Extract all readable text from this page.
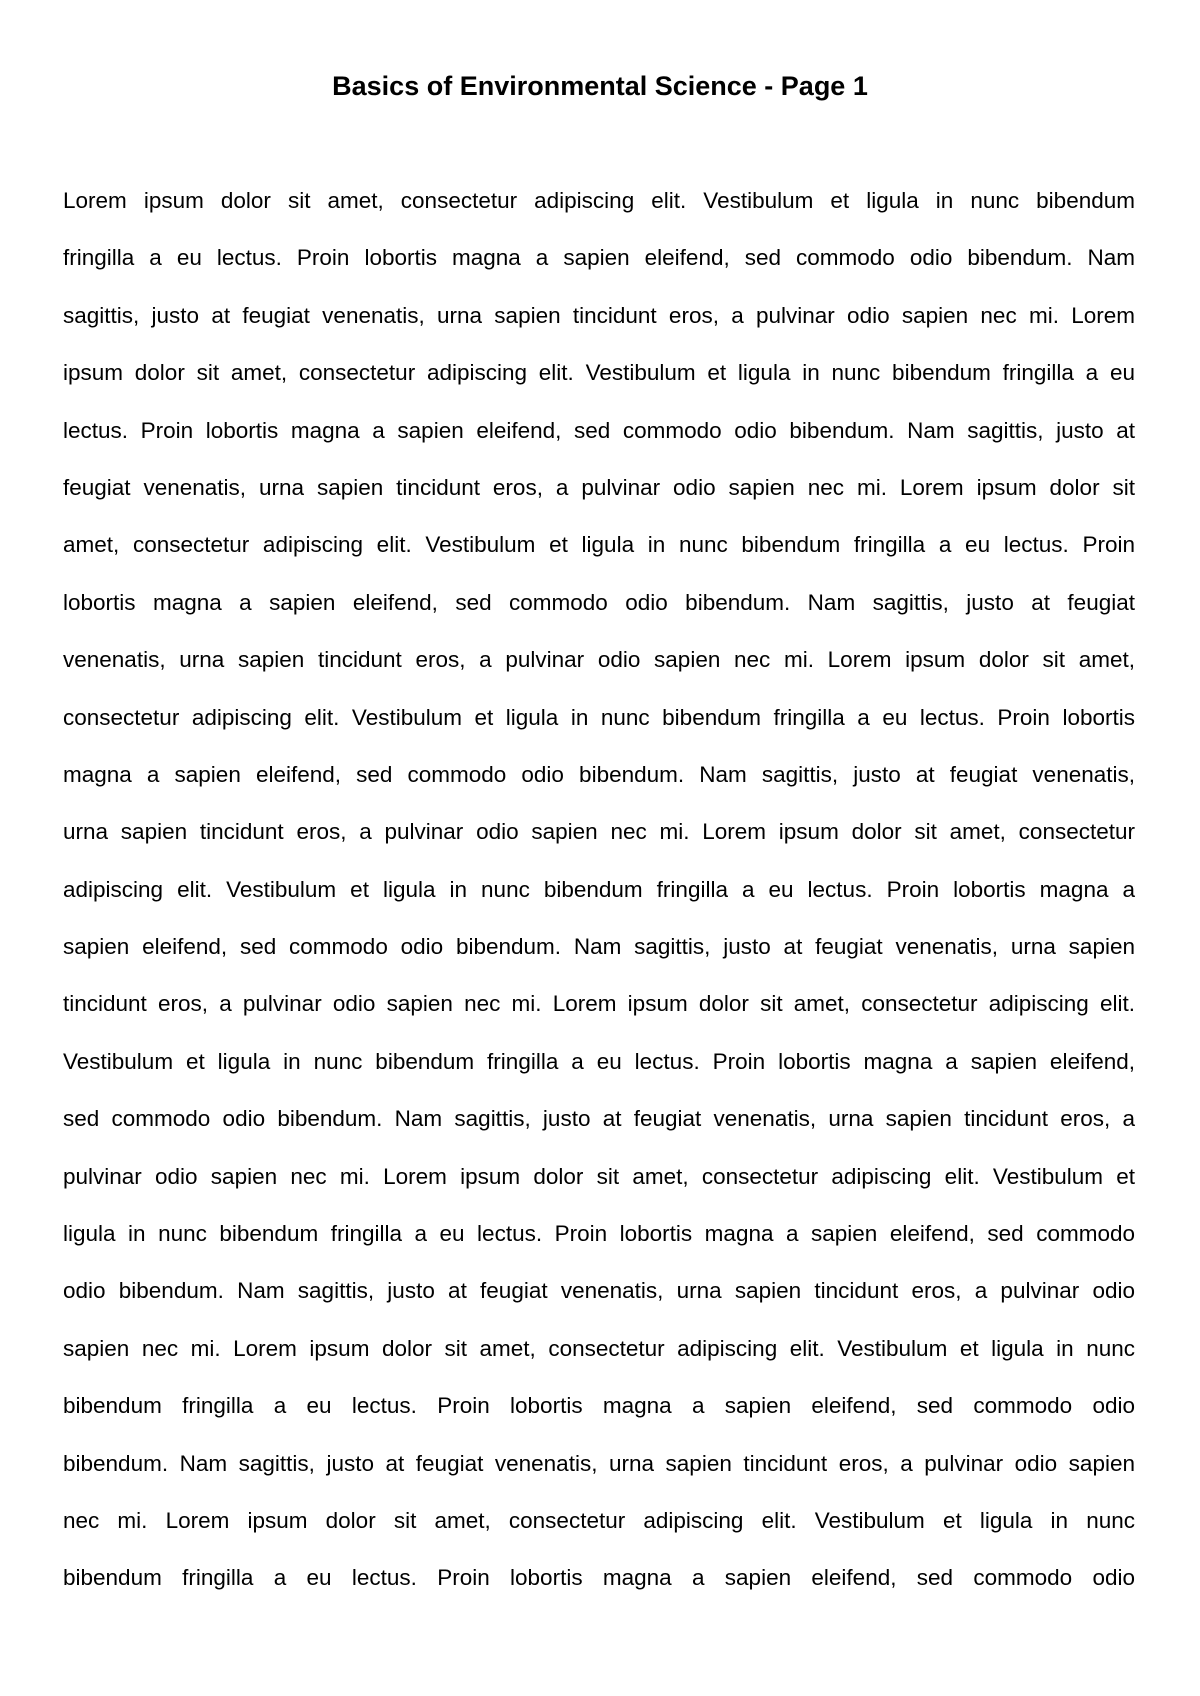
Basics of Environmental Science - Page 1
Lorem ipsum dolor sit amet, consectetur adipiscing elit. Vestibulum et ligula in nunc bibendum
fringilla a eu lectus. Proin lobortis magna a sapien eleifend, sed commodo odio bibendum. Nam
sagittis, justo at feugiat venenatis, urna sapien tincidunt eros, a pulvinar odio sapien nec mi. Lorem
ipsum dolor sit amet, consectetur adipiscing elit. Vestibulum et ligula in nunc bibendum fringilla a eu
lectus. Proin lobortis magna a sapien eleifend, sed commodo odio bibendum. Nam sagittis, justo at
feugiat venenatis, urna sapien tincidunt eros, a pulvinar odio sapien nec mi. Lorem ipsum dolor sit
amet, consectetur adipiscing elit. Vestibulum et ligula in nunc bibendum fringilla a eu lectus. Proin
lobortis magna a sapien eleifend, sed commodo odio bibendum. Nam sagittis, justo at feugiat
venenatis, urna sapien tincidunt eros, a pulvinar odio sapien nec mi. Lorem ipsum dolor sit amet,
consectetur adipiscing elit. Vestibulum et ligula in nunc bibendum fringilla a eu lectus. Proin lobortis
magna a sapien eleifend, sed commodo odio bibendum. Nam sagittis, justo at feugiat venenatis,
urna sapien tincidunt eros, a pulvinar odio sapien nec mi. Lorem ipsum dolor sit amet, consectetur
adipiscing elit. Vestibulum et ligula in nunc bibendum fringilla a eu lectus. Proin lobortis magna a
sapien eleifend, sed commodo odio bibendum. Nam sagittis, justo at feugiat venenatis, urna sapien
tincidunt eros, a pulvinar odio sapien nec mi. Lorem ipsum dolor sit amet, consectetur adipiscing elit.
Vestibulum et ligula in nunc bibendum fringilla a eu lectus. Proin lobortis magna a sapien eleifend,
sed commodo odio bibendum. Nam sagittis, justo at feugiat venenatis, urna sapien tincidunt eros, a
pulvinar odio sapien nec mi. Lorem ipsum dolor sit amet, consectetur adipiscing elit. Vestibulum et
ligula in nunc bibendum fringilla a eu lectus. Proin lobortis magna a sapien eleifend, sed commodo
odio bibendum. Nam sagittis, justo at feugiat venenatis, urna sapien tincidunt eros, a pulvinar odio
sapien nec mi. Lorem ipsum dolor sit amet, consectetur adipiscing elit. Vestibulum et ligula in nunc
bibendum fringilla a eu lectus. Proin lobortis magna a sapien eleifend, sed commodo odio
bibendum. Nam sagittis, justo at feugiat venenatis, urna sapien tincidunt eros, a pulvinar odio sapien
nec mi. Lorem ipsum dolor sit amet, consectetur adipiscing elit. Vestibulum et ligula in nunc
bibendum fringilla a eu lectus. Proin lobortis magna a sapien eleifend, sed commodo odio
